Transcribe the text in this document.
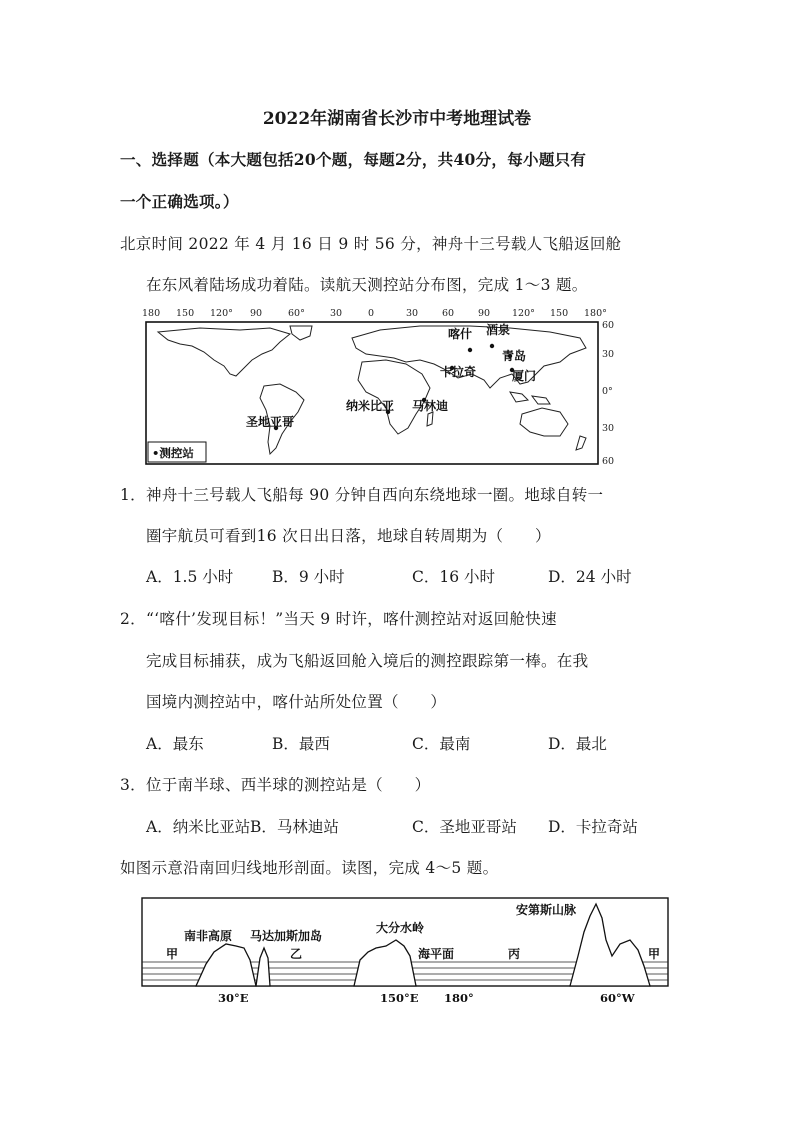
2022年湖南省长沙市中考地理试卷
一、选择题（本大题包括20个题，每题2分，共40分，每小题只有
一个正确选项。）
北京时间 2022 年 4 月 16 日 9 时 56 分，神舟十三号载人飞船返回舱
在东风着陆场成功着陆。读航天测控站分布图，完成 1～3 题。
180 150 120° 90	60°	30	0	30	60	90 120° 150 180°
60
30
0°
30
60
喀什 酒泉
卡拉奇	厦门
青岛
纳米比亚 马林迪
圣地亚哥
•测控站
1．神舟十三号载人飞船每 90 分钟自西向东绕地球一圈。地球自转一
圈宇航员可看到16 次日出日落，地球自转周期为（　　）
A．1.5 小时 B．9 小时	C．16 小时	D．24 小时
2．“‘喀什’发现目标！”当天 9 时许，喀什测控站对返回舱快速
完成目标捕获，成为飞船返回舱入境后的测控跟踪第一棒。在我
国境内测控站中，喀什站所处位置（　　）
A．最东	B．最西	C．最南	D．最北
3．位于南半球、西半球的测控站是（　　）
A．纳米比亚站 B．马林迪站	C．圣地亚哥站 D．卡拉奇站
如图示意沿南回归线地形剖面。读图，完成 4～5 题。
甲
南非高原 马达加斯加岛
乙
大分水岭
海平面	丙
安第斯山脉
甲
30°E	150°E 180°	60°W
